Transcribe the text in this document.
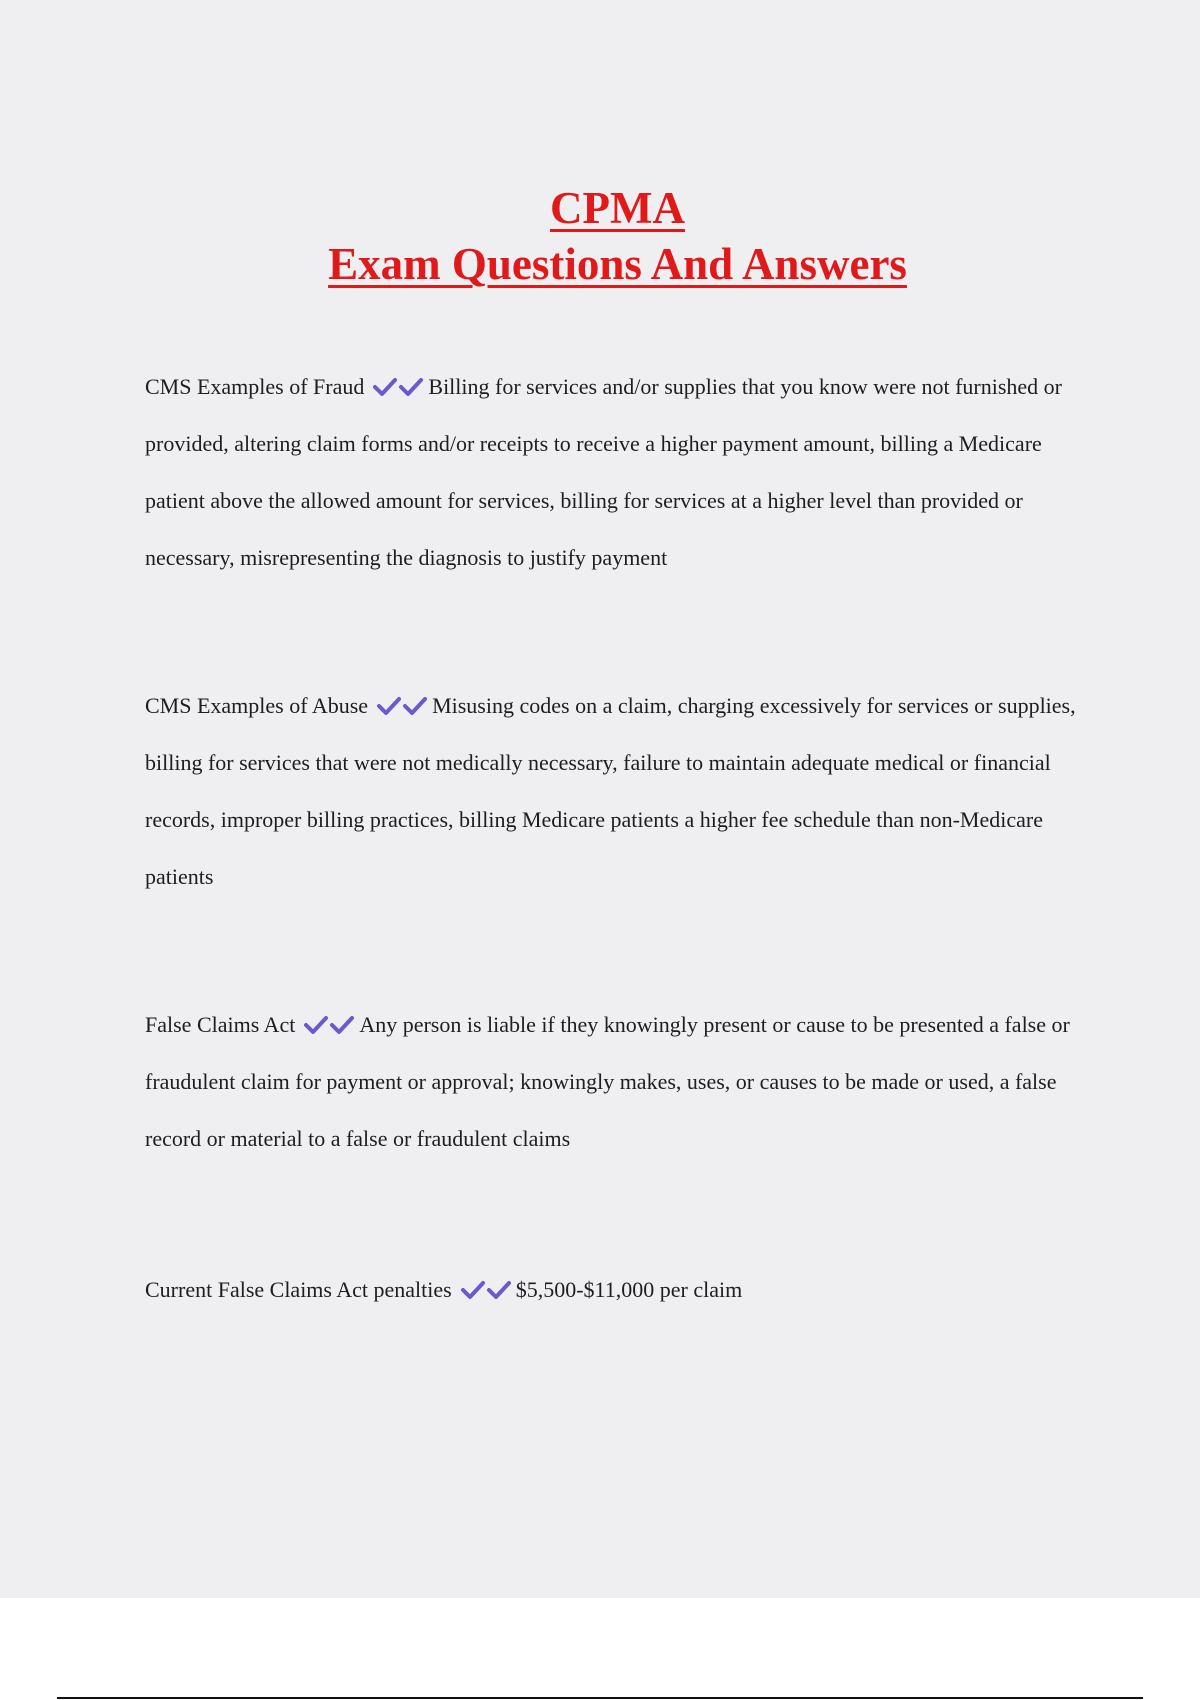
CPMA
Exam Questions And Answers
CMS Examples of Fraud	Billing for services and/or supplies that you know were not furnished or provided, altering claim forms and/or receipts to receive a higher payment amount, billing a Medicare patient above the allowed amount for services, billing for services at a higher level than provided or necessary, misrepresenting the diagnosis to justify payment
CMS Examples of Abuse	Misusing codes on a claim, charging excessively for services or supplies, billing for services that were not medically necessary, failure to maintain adequate medical or financial records, improper billing practices, billing Medicare patients a higher fee schedule than non-Medicare patients
False Claims Act	Any person is liable if they knowingly present or cause to be presented a false or fraudulent claim for payment or approval; knowingly makes, uses, or causes to be made or used, a false record or material to a false or fraudulent claims
Current False Claims Act penalties	$5,500-$11,000 per claim
